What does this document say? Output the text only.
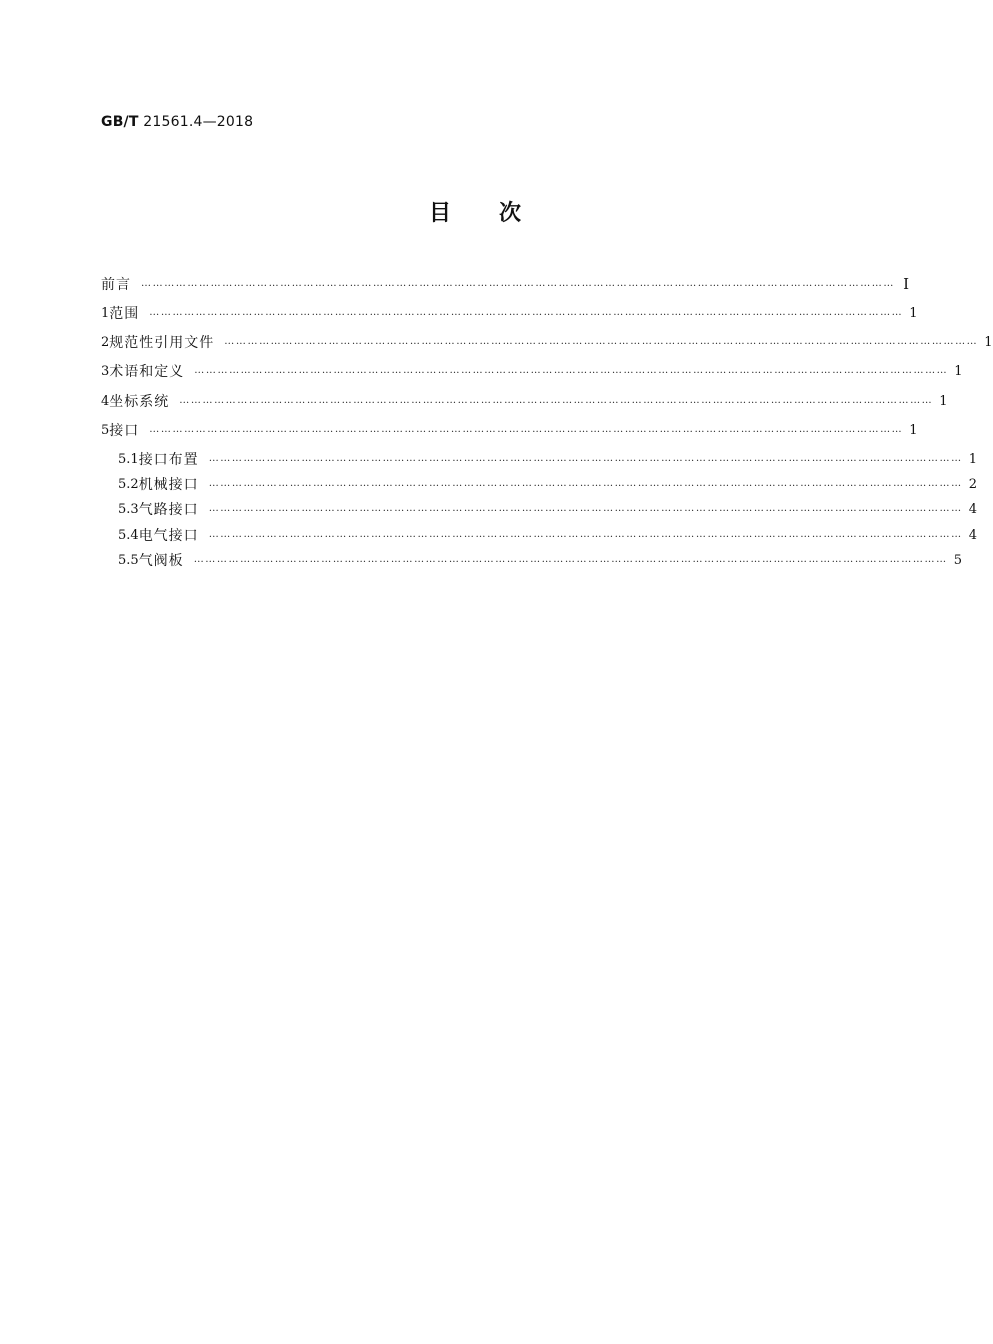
GB/T 21561.4—2018
目 次
前言 …………………………………………………………………………………………………………………………………………………………………………… Ⅰ
1 范围 …………………………………………………………………………………………………………………………………………………………………………… 1
2 规范性引用文件 …………………………………………………………………………………………………………………………………………………………………………… 1
3 术语和定义 …………………………………………………………………………………………………………………………………………………………………………… 1
4 坐标系统 …………………………………………………………………………………………………………………………………………………………………………… 1
5 接口 …………………………………………………………………………………………………………………………………………………………………………… 1
5.1 接口布置 …………………………………………………………………………………………………………………………………………………………………………… 1
5.2 机械接口 …………………………………………………………………………………………………………………………………………………………………………… 2
5.3 气路接口 …………………………………………………………………………………………………………………………………………………………………………… 4
5.4 电气接口 …………………………………………………………………………………………………………………………………………………………………………… 4
5.5 气阀板 …………………………………………………………………………………………………………………………………………………………………………… 5
